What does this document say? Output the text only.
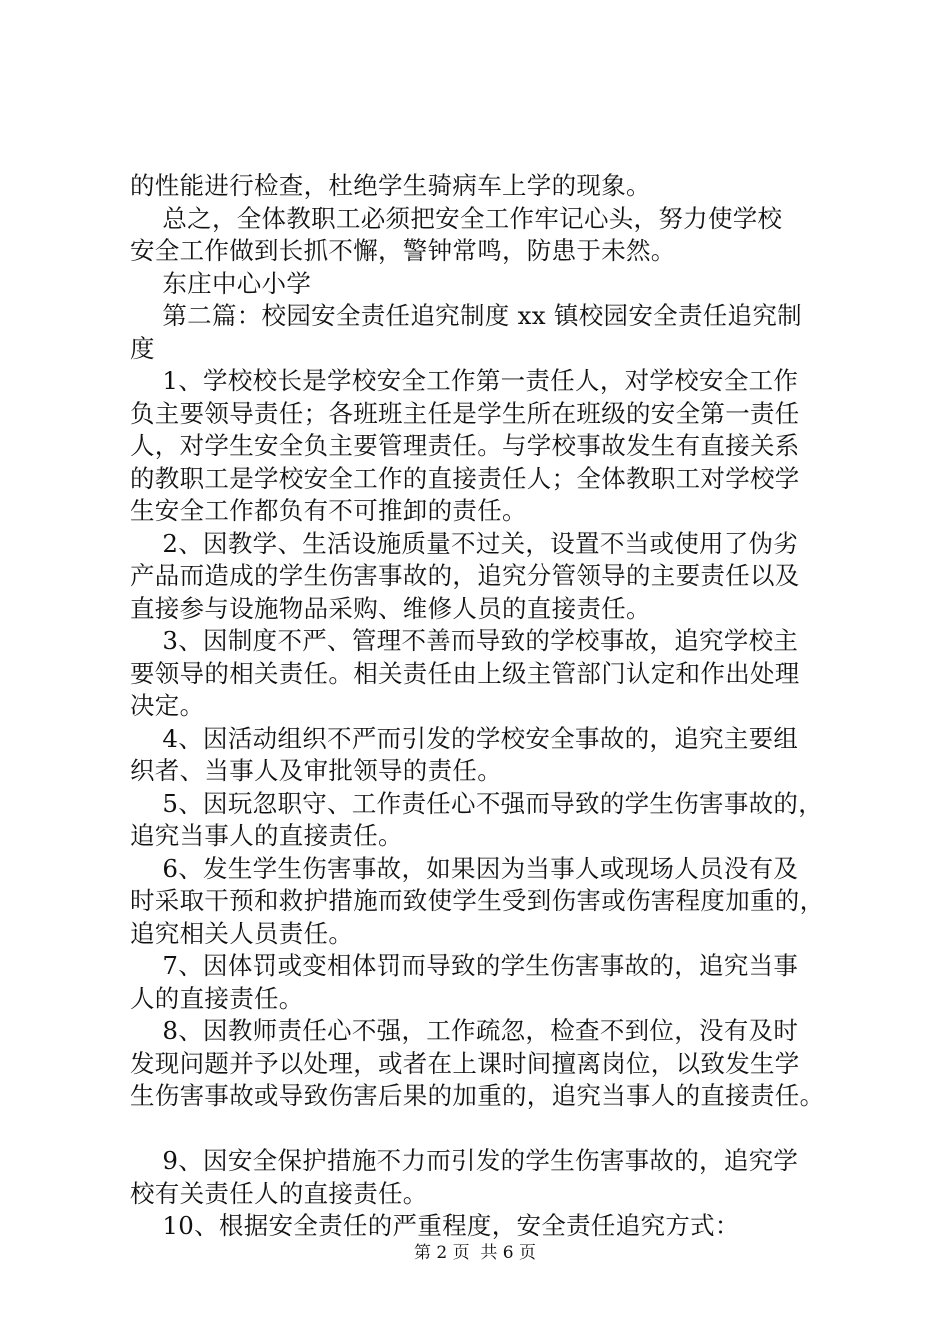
的性能进行检查，杜绝学生骑病车上学的现象。
总之，全体教职工必须把安全工作牢记心头，努力使学校
安全工作做到长抓不懈，警钟常鸣，防患于未然。
东庄中心小学
第二篇：校园安全责任追究制度 xx 镇校园安全责任追究制
度
1、学校校长是学校安全工作第一责任人，对学校安全工作
负主要领导责任；各班班主任是学生所在班级的安全第一责任
人，对学生安全负主要管理责任。与学校事故发生有直接关系
的教职工是学校安全工作的直接责任人；全体教职工对学校学
生安全工作都负有不可推卸的责任。
2、因教学、生活设施质量不过关，设置不当或使用了伪劣
产品而造成的学生伤害事故的，追究分管领导的主要责任以及
直接参与设施物品采购、维修人员的直接责任。
3、因制度不严、管理不善而导致的学校事故，追究学校主
要领导的相关责任。相关责任由上级主管部门认定和作出处理
决定。
4、因活动组织不严而引发的学校安全事故的，追究主要组
织者、当事人及审批领导的责任。
5、因玩忽职守、工作责任心不强而导致的学生伤害事故的，
追究当事人的直接责任。
6、发生学生伤害事故，如果因为当事人或现场人员没有及
时采取干预和救护措施而致使学生受到伤害或伤害程度加重的，
追究相关人员责任。
7、因体罚或变相体罚而导致的学生伤害事故的，追究当事
人的直接责任。
8、因教师责任心不强，工作疏忽，检查不到位，没有及时
发现问题并予以处理，或者在上课时间擅离岗位，以致发生学
生伤害事故或导致伤害后果的加重的，追究当事人的直接责任。
9、因安全保护措施不力而引发的学生伤害事故的，追究学
校有关责任人的直接责任。
10、根据安全责任的严重程度，安全责任追究方式：
第 2 页  共 6 页
